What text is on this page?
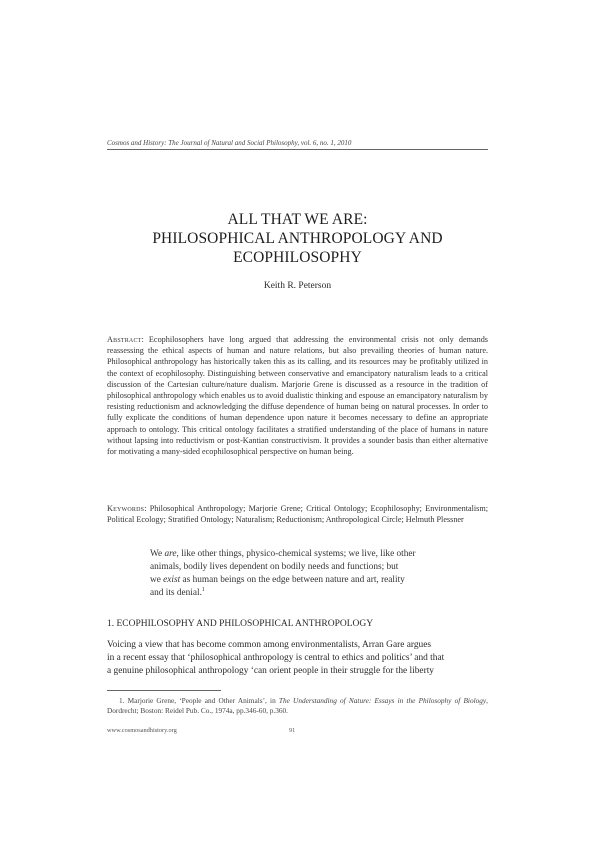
Cosmos and History: The Journal of Natural and Social Philosophy, vol. 6, no. 1, 2010
ALL THAT WE ARE:
PHILOSOPHICAL ANTHROPOLOGY AND
ECOPHILOSOPHY
Keith R. Peterson
Abstract: Ecophilosophers have long argued that addressing the environmental crisis not only demands reassessing the ethical aspects of human and nature relations, but also prevailing theories of human nature. Philosophical anthropology has historically taken this as its calling, and its resources may be profitably utilized in the context of ecophilosophy. Distinguishing between conservative and emancipatory naturalism leads to a critical discussion of the Cartesian culture/nature dualism. Marjorie Grene is discussed as a resource in the tradition of philosophical anthropology which enables us to avoid dualistic thinking and espouse an emancipatory naturalism by resisting reductionism and acknowledging the diffuse dependence of human being on natural processes. In order to fully explicate the conditions of human dependence upon nature it becomes necessary to define an appropriate approach to ontology. This critical ontology facilitates a stratified understanding of the place of humans in nature without lapsing into reductivism or post-Kantian constructivism. It provides a sounder basis than either alternative for motivating a many-sided ecophilosophical perspective on human being.
Keywords: Philosophical Anthropology; Marjorie Grene; Critical Ontology; Ecophilosophy; Environmentalism; Political Ecology; Stratified Ontology; Naturalism; Reductionism; Anthropological Circle; Helmuth Plessner
We are, like other things, physico-chemical systems; we live, like other
animals, bodily lives dependent on bodily needs and functions; but
we exist as human beings on the edge between nature and art, reality
and its denial.$^1$
1. ECOPHILOSOPHY AND PHILOSOPHICAL ANTHROPOLOGY
Voicing a view that has become common among environmentalists, Arran Gare argues
in a recent essay that ‘philosophical anthropology is central to ethics and politics’ and that
a genuine philosophical anthropology ‘can orient people in their struggle for the liberty
1. Marjorie Grene, ‘People and Other Animals’, in The Understanding of Nature: Essays in the Philosophy of Biology, Dordrecht; Boston: Reidel Pub. Co., 1974a, pp.346-60, p.360.
www.cosmosandhistory.org	91
